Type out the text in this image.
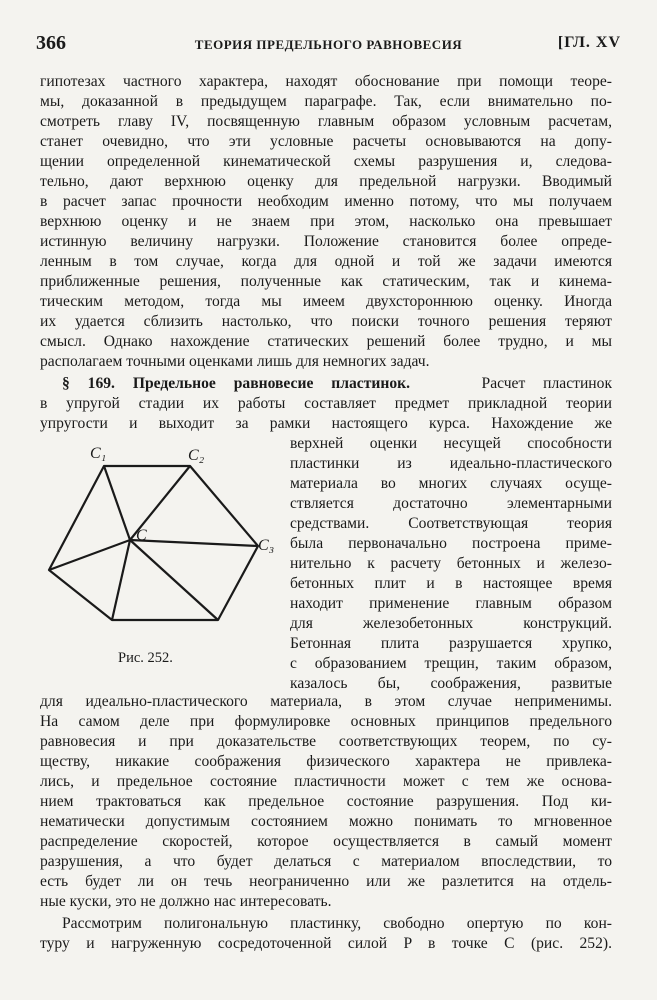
366	ТЕОРИЯ ПРЕДЕЛЬНОГО РАВНОВЕСИЯ	[ГЛ. XV
гипотезах частного характера, находят обоснование при помощи теоре-
мы, доказанной в предыдущем параграфе. Так, если внимательно по-
смотреть главу IV, посвященную главным образом условным расчетам,
станет очевидно, что эти условные расчеты основываются на допу-
щении определенной кинематической схемы разрушения и, следова-
тельно, дают верхнюю оценку для предельной нагрузки. Вводимый
в расчет запас прочности необходим именно потому, что мы получаем
верхнюю оценку и не знаем при этом, насколько она превышает
истинную величину нагрузки. Положение становится более опреде-
ленным в том случае, когда для одной и той же задачи имеются
приближенные решения, полученные как статическим, так и кинема-
тическим методом, тогда мы имеем двухстороннюю оценку. Иногда
их удается сблизить настолько, что поиски точного решения теряют
смысл. Однако нахождение статических решений более трудно, и мы
располагаем точными оценками лишь для немногих задач.
§ 169. Предельное равновесие пластинок.	Расчет пластинок
в упругой стадии их работы составляет предмет прикладной теории
упругости и выходит за рамки настоящего курса. Нахождение же
верхней оценки несущей способности
пластинки из идеально-пластического
материала во многих случаях осуще-
ствляется достаточно элементарными
средствами. Соответствующая теория
была первоначально построена приме-
нительно к расчету бетонных и железо-
бетонных плит и в настоящее время
находит применение главным образом
для железобетонных конструкций.
Бетонная плита разрушается хрупко,
с образованием трещин, таким образом,
казалось бы, соображения, развитые
C₁	C₂
C₃
C
Рис. 252.
для идеально-пластического материала, в этом случае неприменимы.
На самом деле при формулировке основных принципов предельного
равновесия и при доказательстве соответствующих теорем, по су-
ществу, никакие соображения физического характера не привлека-
лись, и предельное состояние пластичности может с тем же основа-
нием трактоваться как предельное состояние разрушения. Под ки-
нематически допустимым состоянием можно понимать то мгновенное
распределение скоростей, которое осуществляется в самый момент
разрушения, а что будет делаться с материалом впоследствии, то
есть будет ли он течь неограниченно или же разлетится на отдель-
ные куски, это не должно нас интересовать.
Рассмотрим полигональную пластинку, свободно опертую по кон-
туру и нагруженную сосредоточенной силой P в точке C (рис. 252).
